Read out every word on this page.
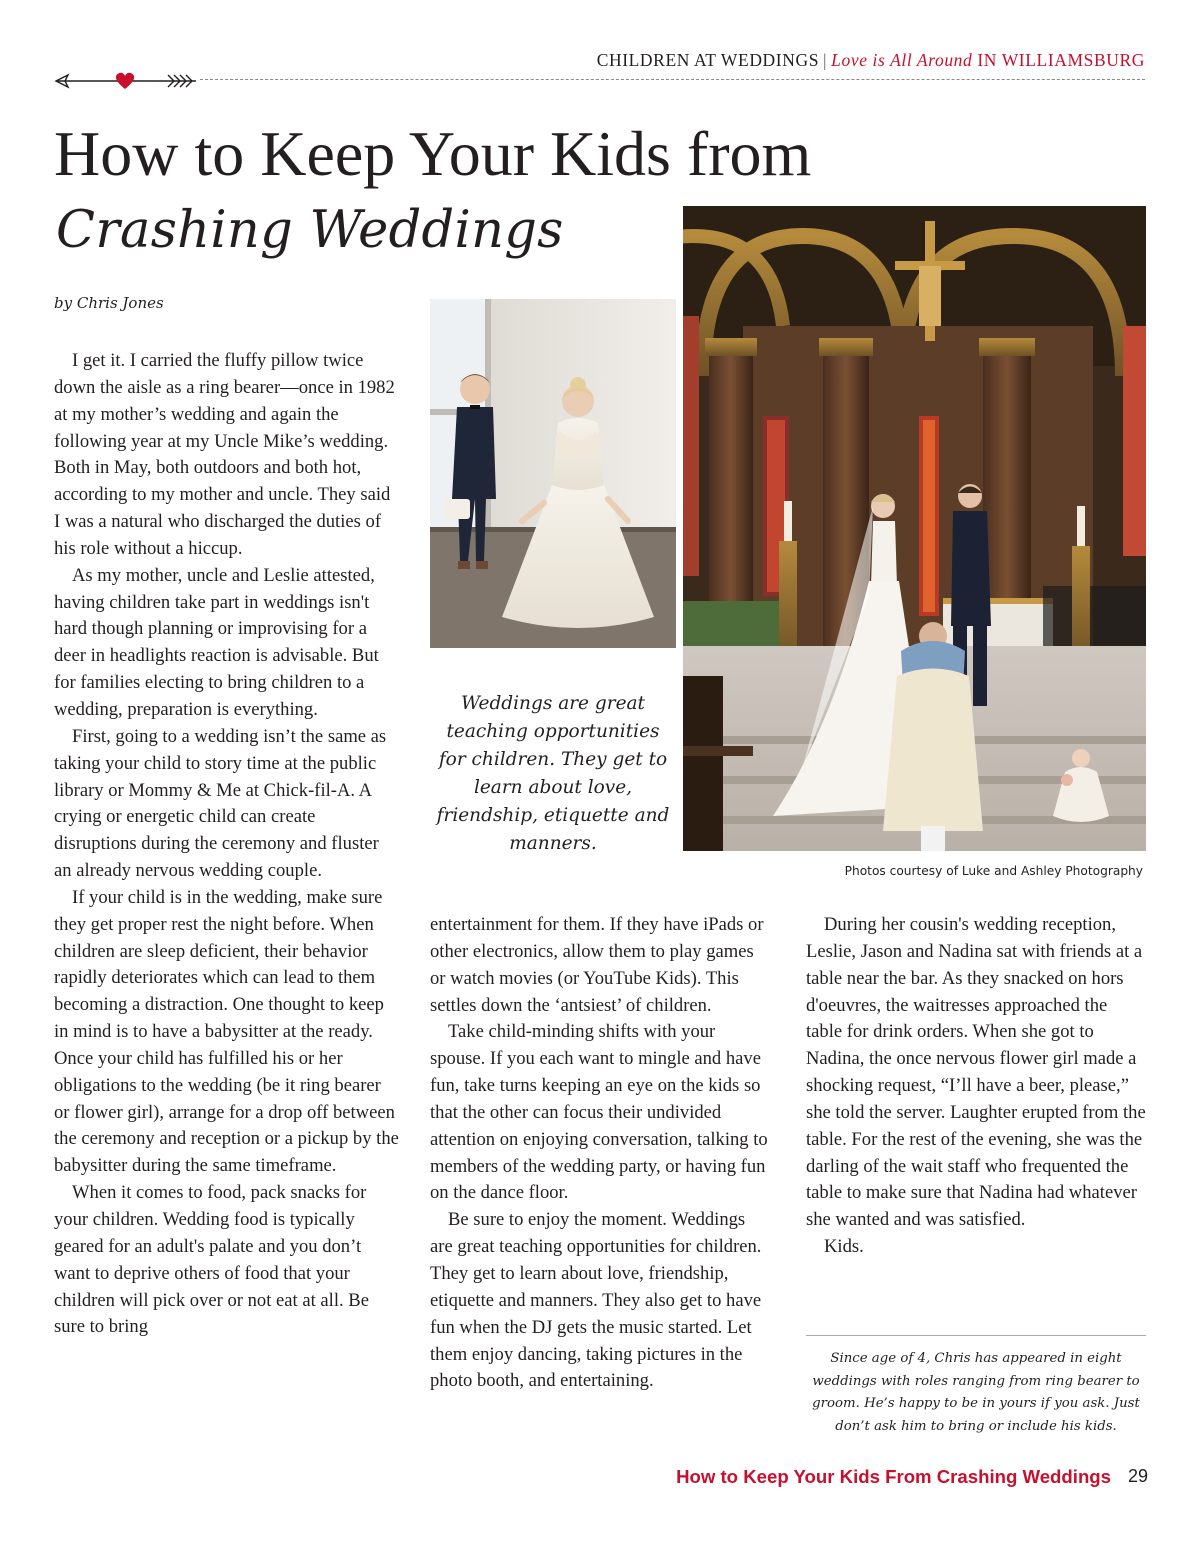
CHILDREN AT WEDDINGS | Love is All Around IN WILLIAMSBURG
How to Keep Your Kids from
Crashing Weddings
by Chris Jones

I get it. I carried the fluffy pillow twice down the aisle as a ring bearer—once in 1982 at my mother’s wedding and again the following year at my Uncle Mike’s wedding. Both in May, both outdoors and both hot, according to my mother and uncle. They said I was a natural who discharged the duties of his role without a hiccup.

As my mother, uncle and Leslie attested, having children take part in weddings isn't hard though planning or improvising for a deer in headlights reaction is advisable. But for families electing to bring children to a wedding, preparation is everything.

First, going to a wedding isn’t the same as taking your child to story time at the public library or Mommy & Me at Chick-fil-A. A crying or energetic child can create disruptions during the ceremony and fluster an already nervous wedding couple.

If your child is in the wedding, make sure they get proper rest the night before. When children are sleep deficient, their behavior rapidly deteriorates which can lead to them becoming a distraction. One thought to keep in mind is to have a babysitter at the ready. Once your child has fulfilled his or her obligations to the wedding (be it ring bearer or flower girl), arrange for a drop off between the ceremony and reception or a pickup by the babysitter during the same timeframe.

When it comes to food, pack snacks for your children. Wedding food is typically geared for an adult's palate and you don’t want to deprive others of food that your children will pick over or not eat at all. Be sure to bring

Photos courtesy of Luke and Ashley Photography
Weddings are great teaching opportunities for children. They get to learn about love, friendship, etiquette and manners.

entertainment for them. If they have iPads or other electronics, allow them to play games or watch movies (or YouTube Kids). This settles down the ‘antsiest’ of children.

Take child-minding shifts with your spouse. If you each want to mingle and have fun, take turns keeping an eye on the kids so that the other can focus their undivided attention on enjoying conversation, talking to members of the wedding party, or having fun on the dance floor.

Be sure to enjoy the moment. Weddings are great teaching opportunities for children. They get to learn about love, friendship, etiquette and manners. They also get to have fun when the DJ gets the music started. Let them enjoy dancing, taking pictures in the photo booth, and entertaining.

During her cousin's wedding reception, Leslie, Jason and Nadina sat with friends at a table near the bar. As they snacked on hors d'oeuvres, the waitresses approached the table for drink orders. When she got to Nadina, the once nervous flower girl made a shocking request, “I’ll have a beer, please,” she told the server. Laughter erupted from the table. For the rest of the evening, she was the darling of the wait staff who frequented the table to make sure that Nadina had whatever she wanted and was satisfied.

Kids.

Since age of 4, Chris has appeared in eight weddings with roles ranging from ring bearer to groom. He’s happy to be in yours if you ask. Just don’t ask him to bring or include his kids.
How to Keep Your Kids From Crashing Weddings 29
